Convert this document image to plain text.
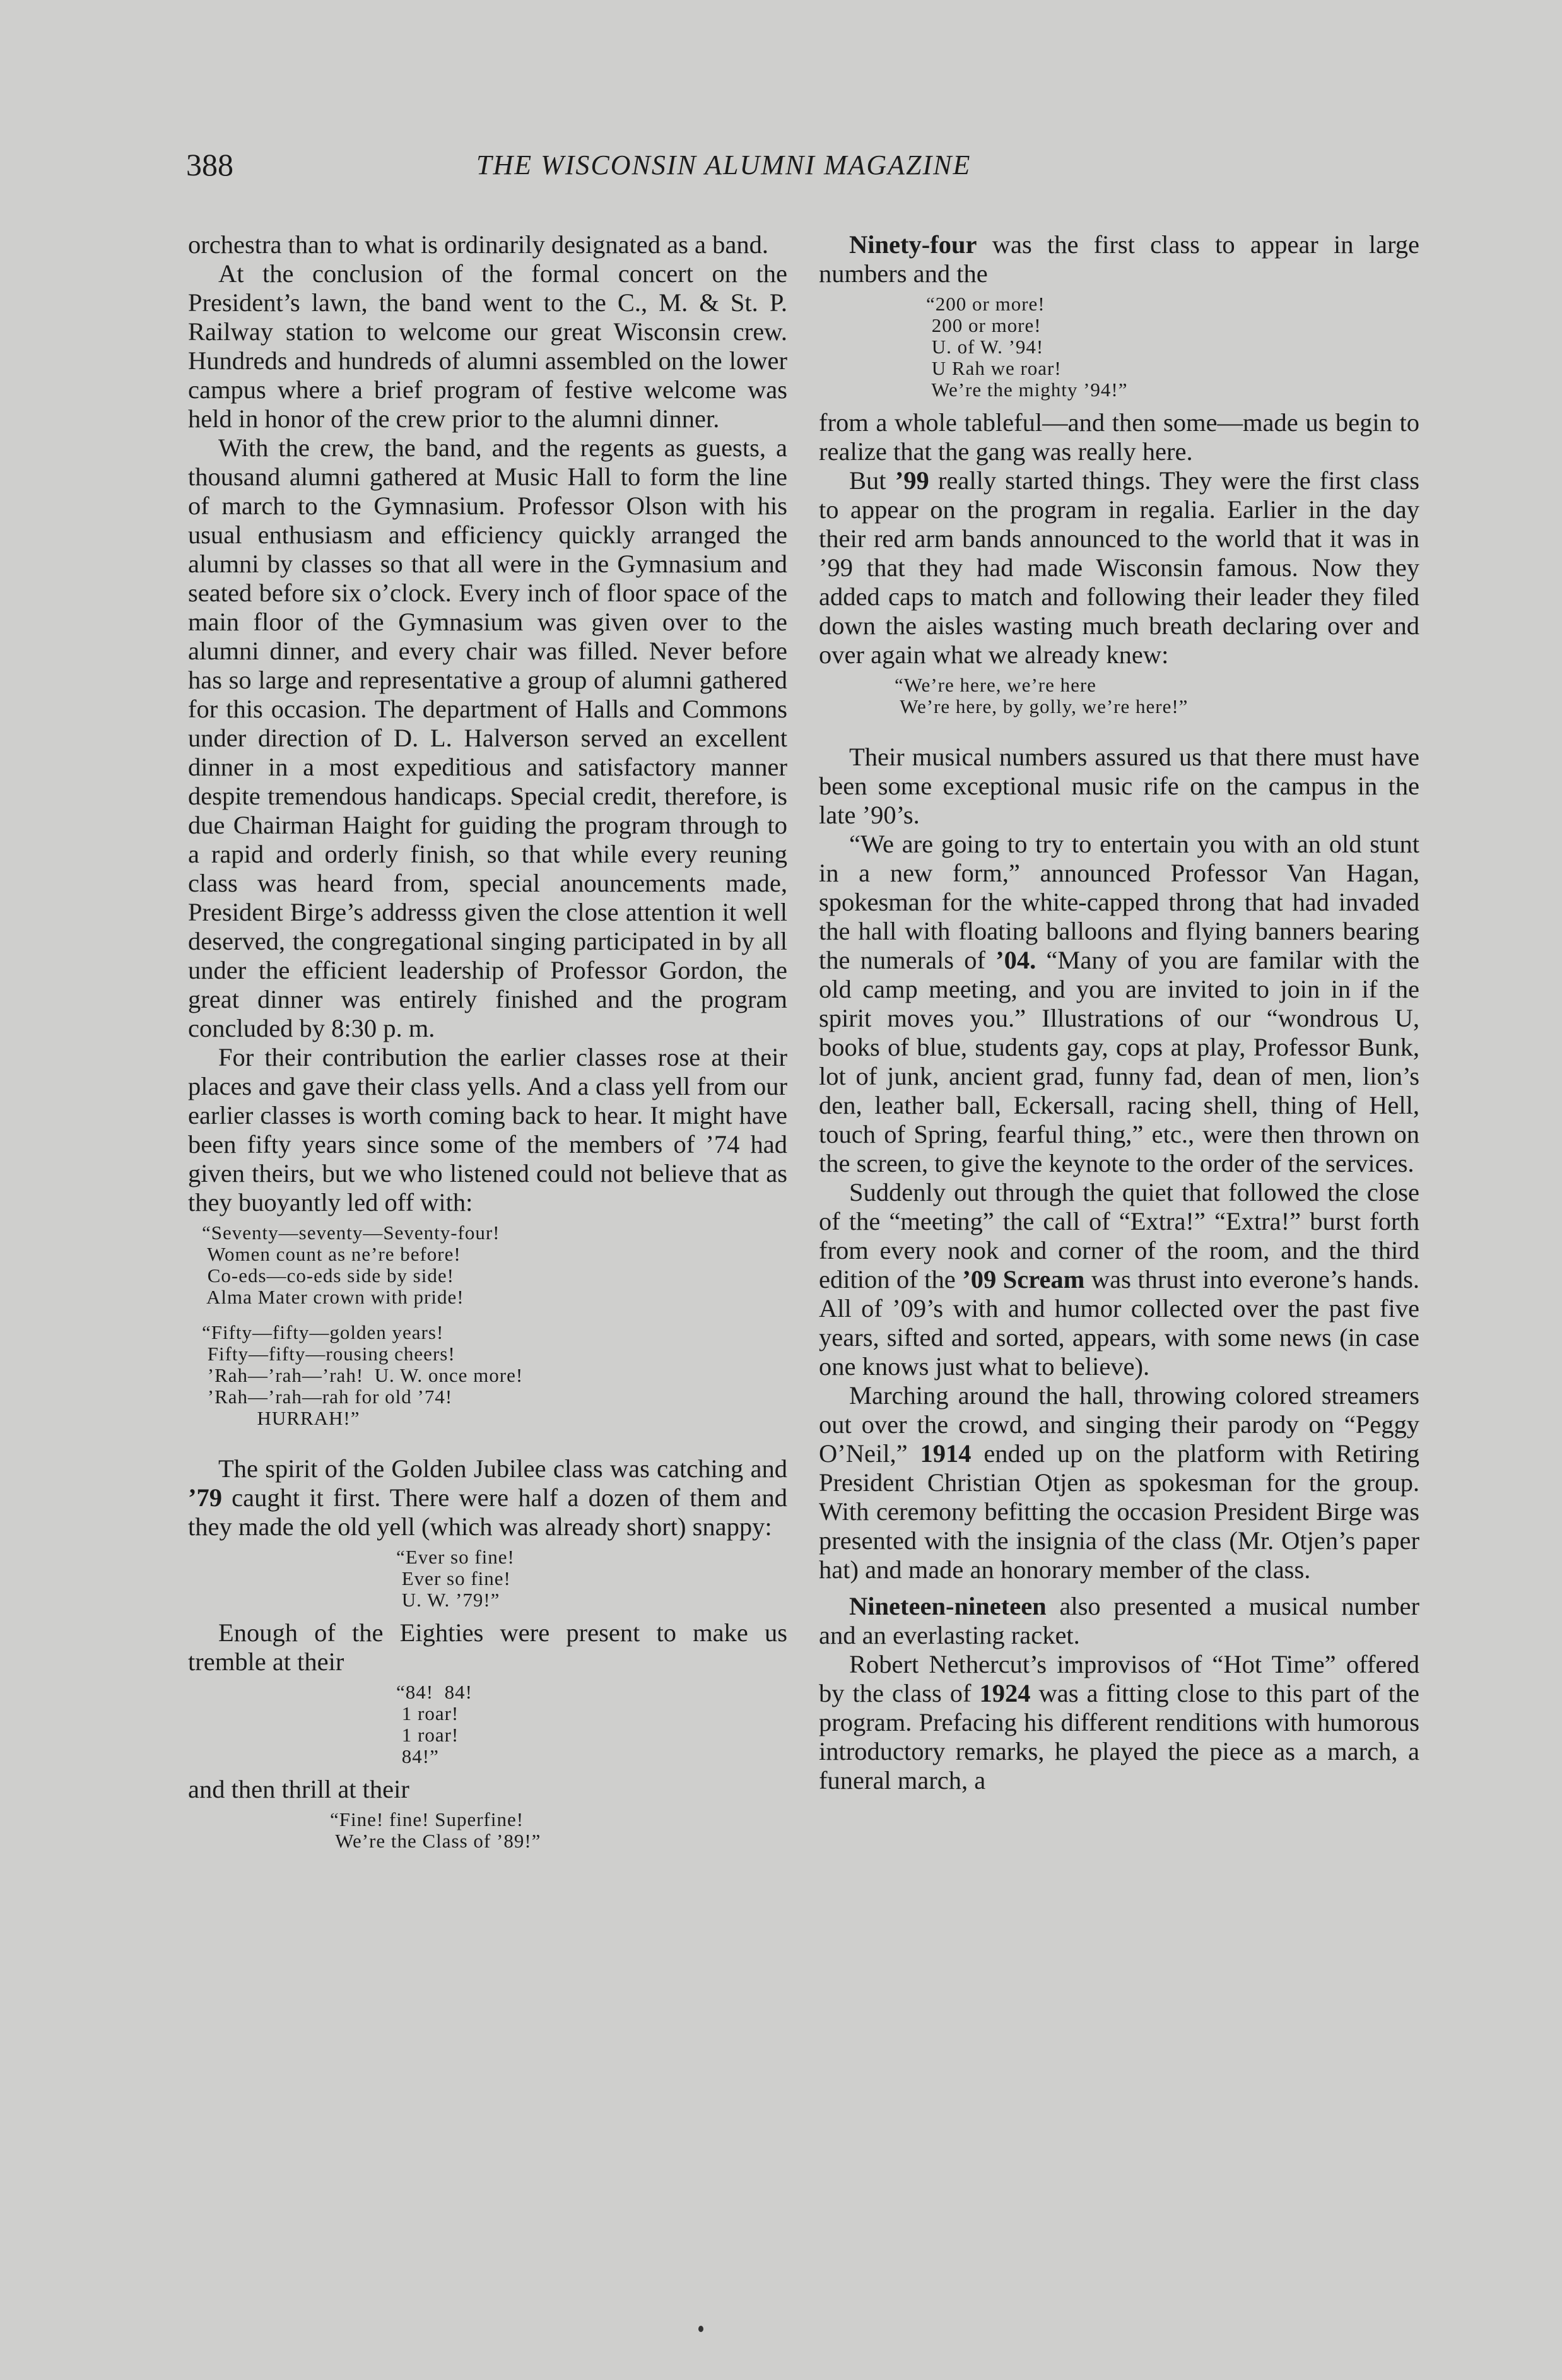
388	THE WISCONSIN ALUMNI MAGAZINE

orchestra than to what is ordinarily designated as a band.

At the conclusion of the formal concert on the President’s lawn, the band went to the C., M. & St. P. Railway station to welcome our great Wisconsin crew. Hundreds and hundreds of alumni assembled on the lower campus where a brief program of festive welcome was held in honor of the crew prior to the alumni dinner.

With the crew, the band, and the regents as guests, a thousand alumni gathered at Music Hall to form the line of march to the Gymnasium. Professor Olson with his usual enthusiasm and efficiency quickly arranged the alumni by classes so that all were in the Gymnasium and seated before six o’clock. Every inch of floor space of the main floor of the Gymnasium was given over to the alumni dinner, and every chair was filled. Never before has so large and representative a group of alumni gathered for this occasion. The department of Halls and Commons under direction of D. L. Halverson served an excellent dinner in a most expeditious and satisfactory manner despite tremendous handicaps. Special credit, therefore, is due Chairman Haight for guiding the program through to a rapid and orderly finish, so that while every reuning class was heard from, special anouncements made, President Birge’s addresss given the close attention it well deserved, the congregational singing participated in by all under the efficient leadership of Professor Gordon, the great dinner was entirely finished and the program concluded by 8:30 p. m.

For their contribution the earlier classes rose at their places and gave their class yells. And a class yell from our earlier classes is worth coming back to hear. It might have been fifty years since some of the members of ’74 had given theirs, but we who listened could not believe that as they buoyantly led off with:

“Seventy—seventy—Seventy-four!
Women count as ne’re before!
Co-eds—co-eds side by side!
Alma Mater crown with pride!
“Fifty—fifty—golden years!
Fifty—fifty—rousing cheers!
’Rah—’rah—’rah!  U. W. once more!
’Rah—’rah—rah for old ’74!
HURRAH!”

The spirit of the Golden Jubilee class was catching and ’79 caught it first. There were half a dozen of them and they made the old yell (which was already short) snappy:

“Ever so fine!
Ever so fine!
U. W. ’79!”

Enough of the Eighties were present to make us tremble at their

“84!  84!
1 roar!
1 roar!
84!”

and then thrill at their

“Fine! fine! Superfine!
We’re the Class of ’89!”

Ninety-four was the first class to appear in large numbers and the

“200 or more!
200 or more!
U. of W. ’94!
U Rah we roar!
We’re the mighty ’94!”

from a whole tableful—and then some—made us begin to realize that the gang was really here.

But ’99 really started things. They were the first class to appear on the program in regalia. Earlier in the day their red arm bands announced to the world that it was in ’99 that they had made Wisconsin famous. Now they added caps to match and following their leader they filed down the aisles wasting much breath declaring over and over again what we already knew:

“We’re here, we’re here
We’re here, by golly, we’re here!”

Their musical numbers assured us that there must have been some exceptional music rife on the campus in the late ’90’s.

“We are going to try to entertain you with an old stunt in a new form,” announced Professor Van Hagan, spokesman for the white-capped throng that had invaded the hall with floating balloons and flying banners bearing the numerals of ’04. “Many of you are familar with the old camp meeting, and you are invited to join in if the spirit moves you.” Illustrations of our “wondrous U, books of blue, students gay, cops at play, Professor Bunk, lot of junk, ancient grad, funny fad, dean of men, lion’s den, leather ball, Eckersall, racing shell, thing of Hell, touch of Spring, fearful thing,” etc., were then thrown on the screen, to give the keynote to the order of the services.

Suddenly out through the quiet that followed the close of the “meeting” the call of “Extra!” “Extra!” burst forth from every nook and corner of the room, and the third edition of the ’09 Scream was thrust into everone’s hands. All of ’09’s with and humor collected over the past five years, sifted and sorted, appears, with some news (in case one knows just what to believe).

Marching around the hall, throwing colored streamers out over the crowd, and singing their parody on “Peggy O’Neil,” 1914 ended up on the platform with Retiring President Christian Otjen as spokesman for the group. With ceremony befitting the occasion President Birge was presented with the insignia of the class (Mr. Otjen’s paper hat) and made an honorary member of the class.

Nineteen-nineteen also presented a musical number and an everlasting racket.

Robert Nethercut’s improvisos of “Hot Time” offered by the class of 1924 was a fitting close to this part of the program. Prefacing his different renditions with humorous introductory remarks, he played the piece as a march, a funeral march, a
